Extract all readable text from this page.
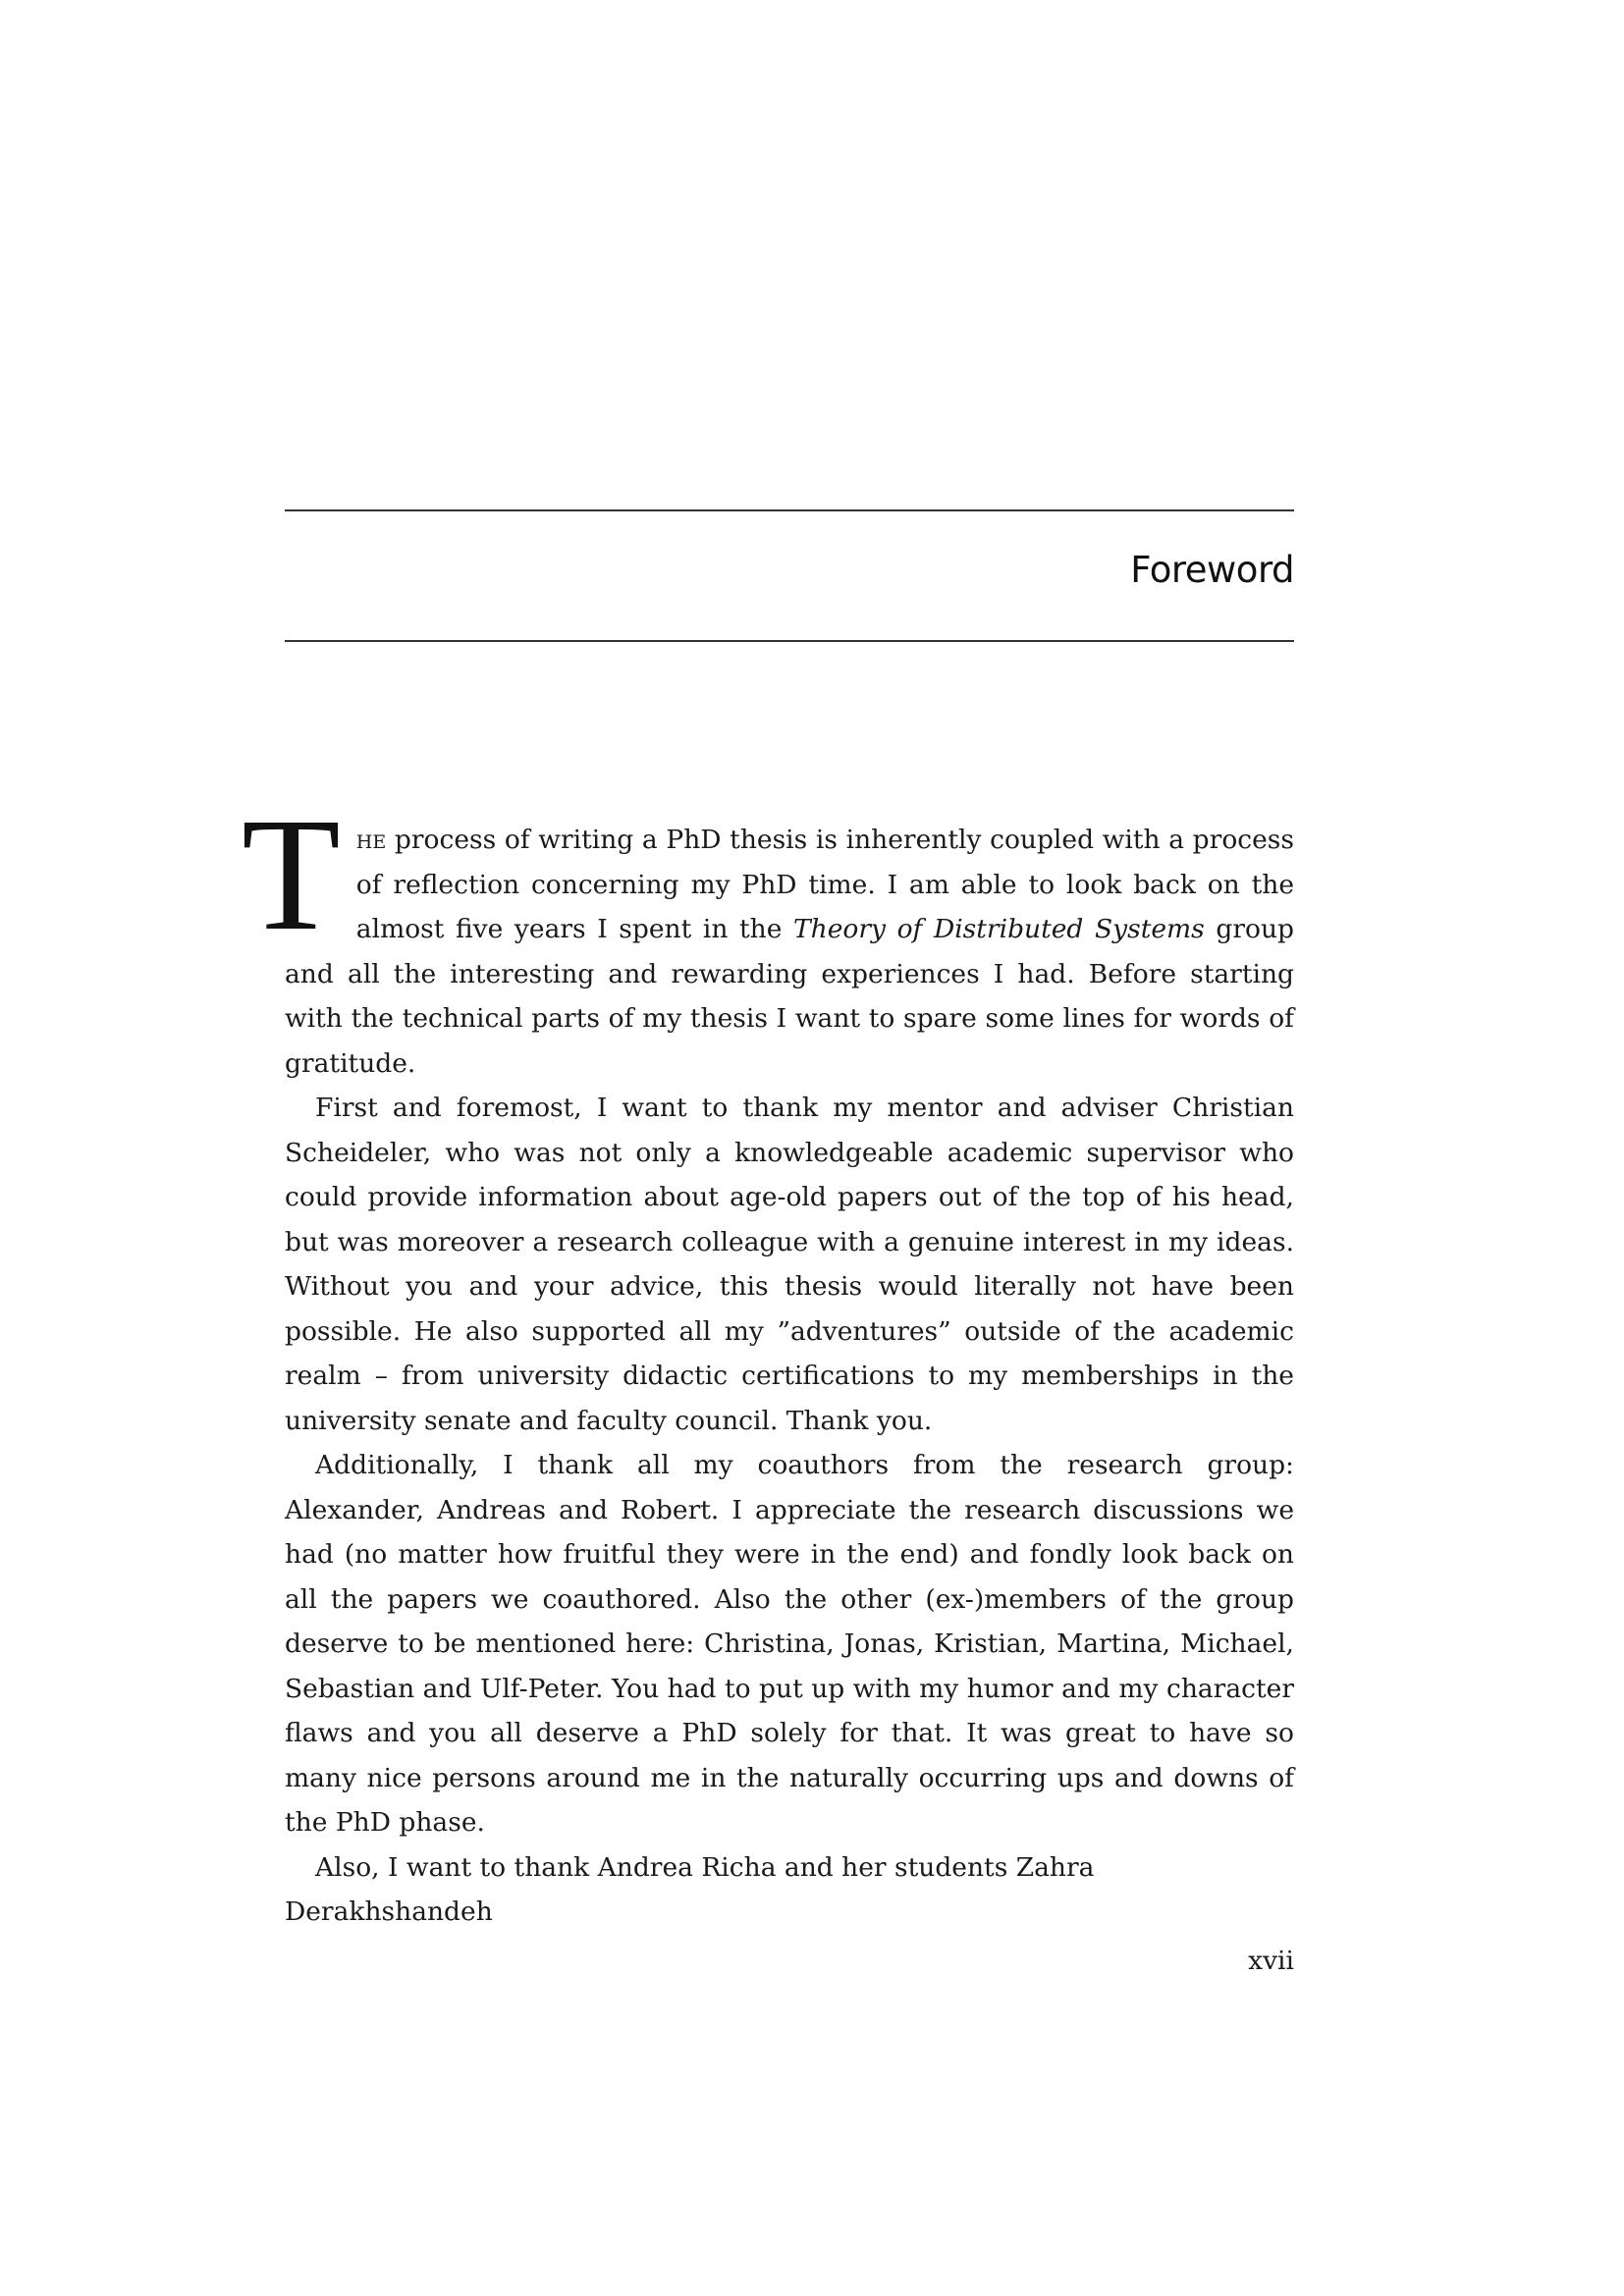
Foreword

The process of writing a PhD thesis is inherently coupled with a process of reflection concerning my PhD time. I am able to look back on the almost five years I spent in the Theory of Distributed Systems group and all the interesting and rewarding experiences I had. Before starting with the technical parts of my thesis I want to spare some lines for words of gratitude.

First and foremost, I want to thank my mentor and adviser Christian Scheideler, who was not only a knowledgeable academic supervisor who could provide information about age-old papers out of the top of his head, but was moreover a research colleague with a genuine interest in my ideas. Without you and your advice, this thesis would literally not have been possible. He also supported all my ”adventures” outside of the academic realm – from university didactic certifications to my memberships in the university senate and faculty council. Thank you.

Additionally, I thank all my coauthors from the research group: Alexander, Andreas and Robert. I appreciate the research discussions we had (no matter how fruitful they were in the end) and fondly look back on all the papers we coauthored. Also the other (ex-)members of the group deserve to be mentioned here: Christina, Jonas, Kristian, Martina, Michael, Sebastian and Ulf-Peter. You had to put up with my humor and my character flaws and you all deserve a PhD solely for that. It was great to have so many nice persons around me in the naturally occurring ups and downs of the PhD phase.

Also, I want to thank Andrea Richa and her students Zahra Derakhshandeh

xvii
